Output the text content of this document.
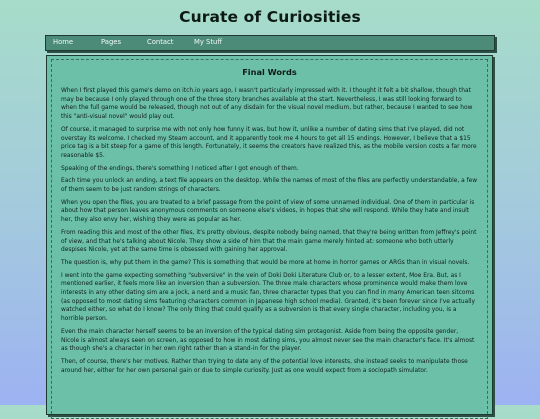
Curate of Curiosities
Home	Pages	Contact	My Stuff
Final Words

When I first played this game's demo on itch.io years ago, I wasn't particularly impressed with it. I thought it felt a bit shallow, though that may be because I only played through one of the three story branches available at the start. Nevertheless, I was still looking forward to when the full game would be released, though not out of any disdain for the visual novel medium, but rather, because I wanted to see how this "anti-visual novel" would play out.

Of course, it managed to surprise me with not only how funny it was, but how it, unlike a number of dating sims that I've played, did not overstay its welcome. I checked my Steam account, and it apparently took me 4 hours to get all 15 endings. However, I believe that a $15 price tag is a bit steep for a game of this length. Fortunately, it seems the creators have realized this, as the mobile version costs a far more reasonable $5.

Speaking of the endings, there's something I noticed after I got enough of them.

Each time you unlock an ending, a text file appears on the desktop. While the names of most of the files are perfectly understandable, a few of them seem to be just random strings of characters.

When you open the files, you are treated to a brief passage from the point of view of some unnamed individual. One of them in particular is about how that person leaves anonymous comments on someone else's videos, in hopes that she will respond. While they hate and insult her, they also envy her, wishing they were as popular as her.

From reading this and most of the other files, it's pretty obvious, despite nobody being named, that they're being written from Jeffrey's point of view, and that he's talking about Nicole. They show a side of him that the main game merely hinted at: someone who both utterly despises Nicole, yet at the same time is obsessed with gaining her approval.

The question is, why put them in the game? This is something that would be more at home in horror games or ARGs than in visual novels.

I went into the game expecting something "subversive" in the vein of Doki Doki Literature Club or, to a lesser extent, Moe Era. But, as I mentioned earlier, it feels more like an inversion than a subversion. The three male characters whose prominence would make them love interests in any other dating sim are a jock, a nerd and a music fan, three character types that you can find in many American teen sitcoms (as opposed to most dating sims featuring characters common in Japanese high school media). Granted, it's been forever since I've actually watched either, so what do I know? The only thing that could qualify as a subversion is that every single character, including you, is a horrible person.

Even the main character herself seems to be an inversion of the typical dating sim protagonist. Aside from being the opposite gender, Nicole is almost always seen on screen, as opposed to how in most dating sims, you almost never see the main character's face. It's almost as though she's a character in her own right rather than a stand-in for the player.

Then, of course, there's her motives. Rather than trying to date any of the potential love interests, she instead seeks to manipulate those around her, either for her own personal gain or due to simple curiosity. Just as one would expect from a sociopath simulator.
